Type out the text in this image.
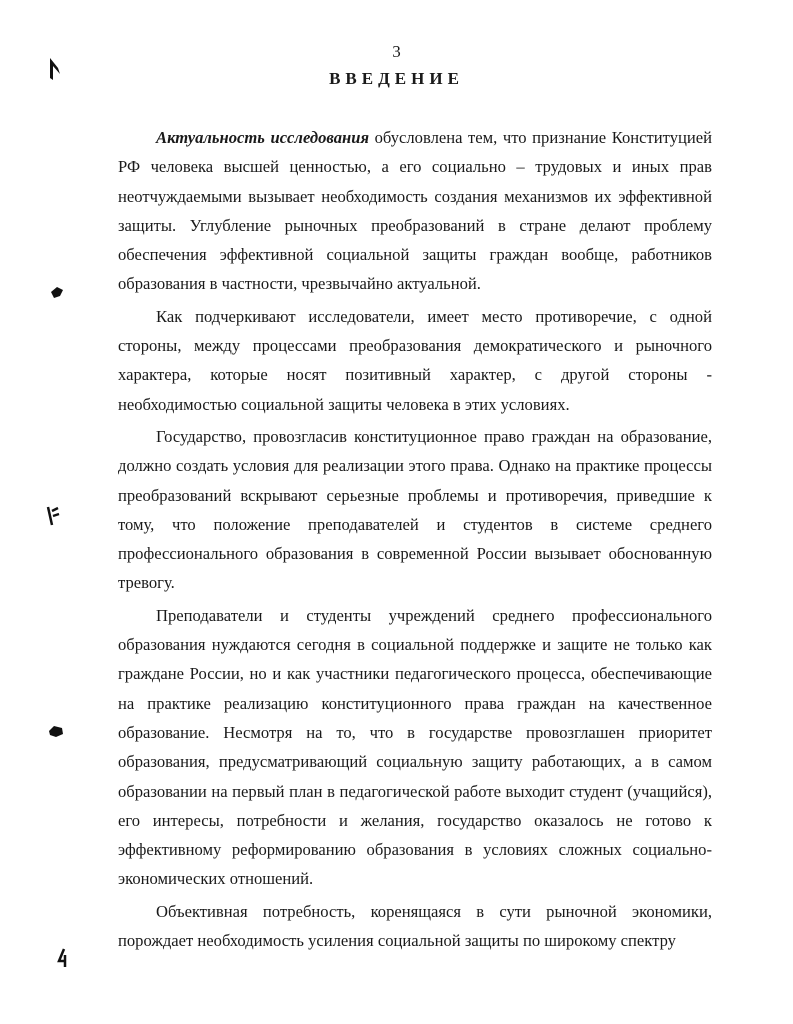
3
ВВЕДЕНИЕ

Актуальность исследования обусловлена тем, что признание Конституцией РФ человека высшей ценностью, а его социально – трудовых и иных прав неотчуждаемыми вызывает необходимость создания механизмов их эффективной защиты. Углубление рыночных преобразований в стране делают проблему обеспечения эффективной социальной защиты граждан вообще, работников образования в частности, чрезвычайно актуальной.

Как подчеркивают исследователи, имеет место противоречие, с одной стороны, между процессами преобразования демократического и рыночного характера, которые носят позитивный характер, с другой стороны - необходимостью социальной защиты человека в этих условиях.

Государство, провозгласив конституционное право граждан на образование, должно создать условия для реализации этого права. Однако на практике процессы преобразований вскрывают серьезные проблемы и противоречия, приведшие к тому, что положение преподавателей и студентов в системе среднего профессионального образования в современной России вызывает обоснованную тревогу.

Преподаватели и студенты учреждений среднего профессионального образования нуждаются сегодня в социальной поддержке и защите не только как граждане России, но и как участники педагогического процесса, обеспечивающие на практике реализацию конституционного права граждан на качественное образование. Несмотря на то, что в государстве провозглашен приоритет образования, предусматривающий социальную защиту работающих, а в самом образовании на первый план в педагогической работе выходит студент (учащийся), его интересы, потребности и желания, государство оказалось не готово к эффективному реформированию образования в условиях сложных социально-экономических отношений.

Объективная потребность, коренящаяся в сути рыночной экономики, порождает необходимость усиления социальной защиты по широкому спектру
